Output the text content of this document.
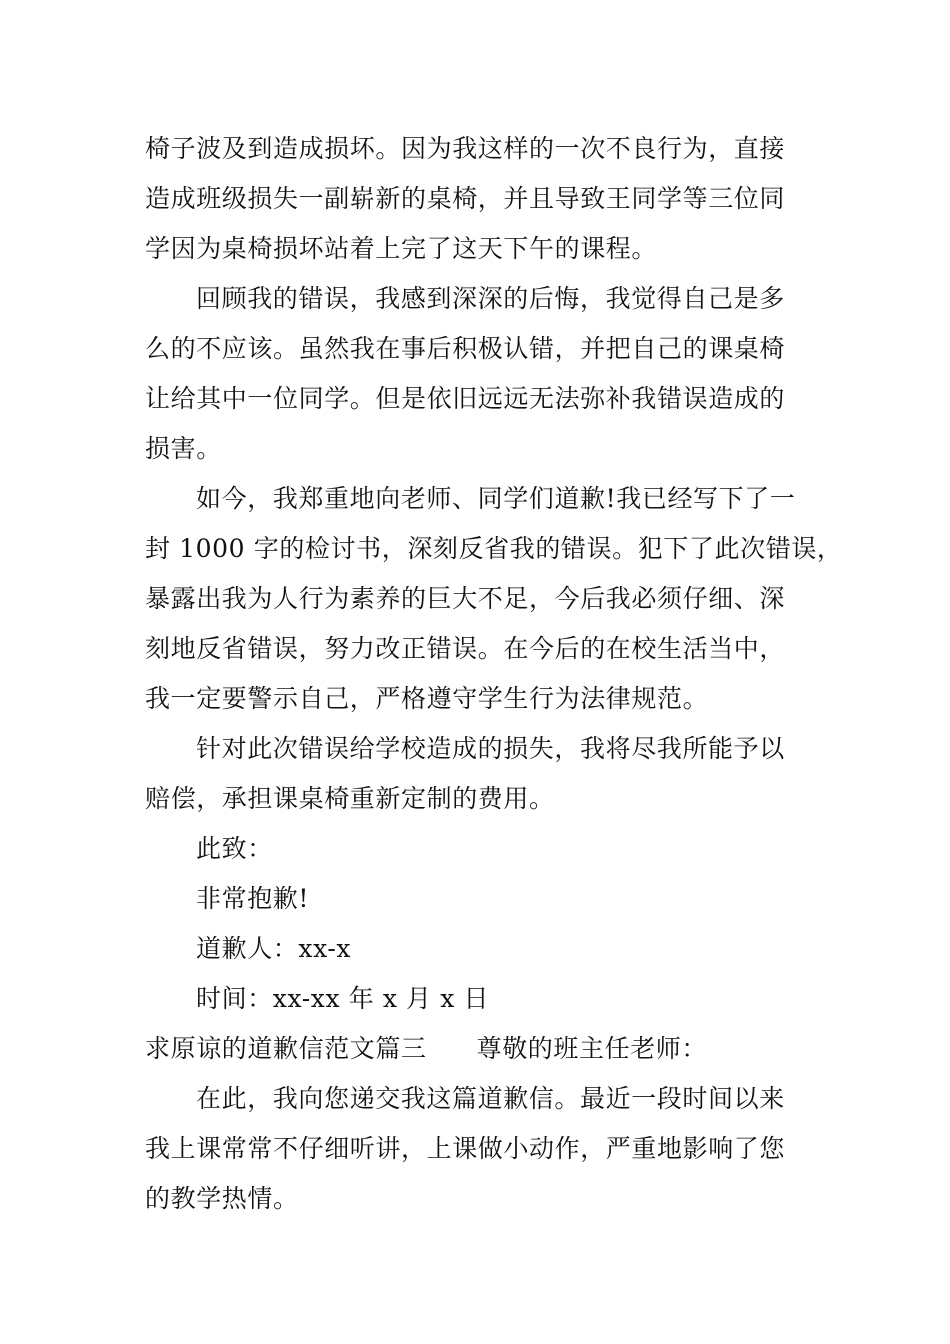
椅子波及到造成损坏。因为我这样的一次不良行为，直接
造成班级损失一副崭新的桌椅，并且导致王同学等三位同
学因为桌椅损坏站着上完了这天下午的课程。
回顾我的错误，我感到深深的后悔，我觉得自己是多
么的不应该。虽然我在事后积极认错，并把自己的课桌椅
让给其中一位同学。但是依旧远远无法弥补我错误造成的
损害。
如今，我郑重地向老师、同学们道歉!我已经写下了一
封 1000 字的检讨书，深刻反省我的错误。犯下了此次错误，
暴露出我为人行为素养的巨大不足，今后我必须仔细、深
刻地反省错误，努力改正错误。在今后的在校生活当中，
我一定要警示自己，严格遵守学生行为法律规范。
针对此次错误给学校造成的损失，我将尽我所能予以
赔偿，承担课桌椅重新定制的费用。
此致：
非常抱歉!
道歉人：xx-x
时间：xx-xx 年 x 月 x 日
求原谅的道歉信范文篇三 尊敬的班主任老师：
在此，我向您递交我这篇道歉信。最近一段时间以来
我上课常常不仔细听讲，上课做小动作，严重地影响了您
的教学热情。
